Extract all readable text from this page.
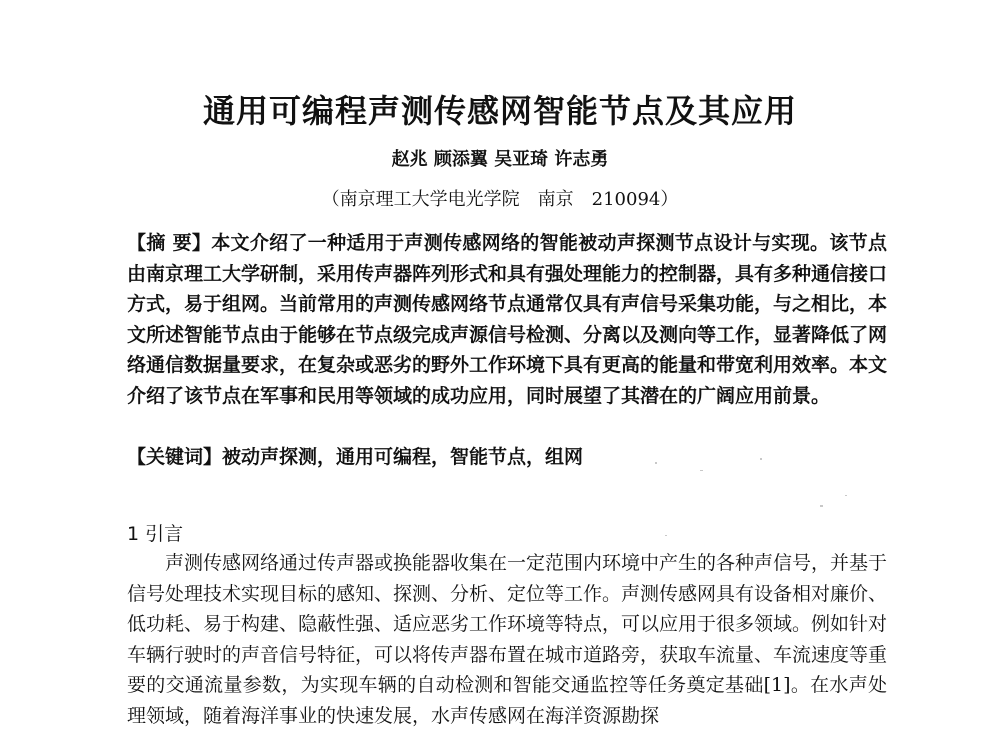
通用可编程声测传感网智能节点及其应用
赵兆 顾添翼 吴亚琦 许志勇
（南京理工大学电光学院　南京　210094）
【摘 要】本文介绍了一种适用于声测传感网络的智能被动声探测节点设计与实现。该节点由南京理工大学研制，采用传声器阵列形式和具有强处理能力的控制器，具有多种通信接口方式，易于组网。当前常用的声测传感网络节点通常仅具有声信号采集功能，与之相比，本文所述智能节点由于能够在节点级完成声源信号检测、分离以及测向等工作，显著降低了网络通信数据量要求，在复杂或恶劣的野外工作环境下具有更高的能量和带宽利用效率。本文介绍了该节点在军事和民用等领域的成功应用，同时展望了其潜在的广阔应用前景。
【关键词】被动声探测，通用可编程，智能节点，组网
1 引言
声测传感网络通过传声器或换能器收集在一定范围内环境中产生的各种声信号，并基于信号处理技术实现目标的感知、探测、分析、定位等工作。声测传感网具有设备相对廉价、低功耗、易于构建、隐蔽性强、适应恶劣工作环境等特点，可以应用于很多领域。例如针对车辆行驶时的声音信号特征，可以将传声器布置在城市道路旁，获取车流量、车流速度等重要的交通流量参数，为实现车辆的自动检测和智能交通监控等任务奠定基础[1]。在水声处理领域，随着海洋事业的快速发展，水声传感网在海洋资源勘探
